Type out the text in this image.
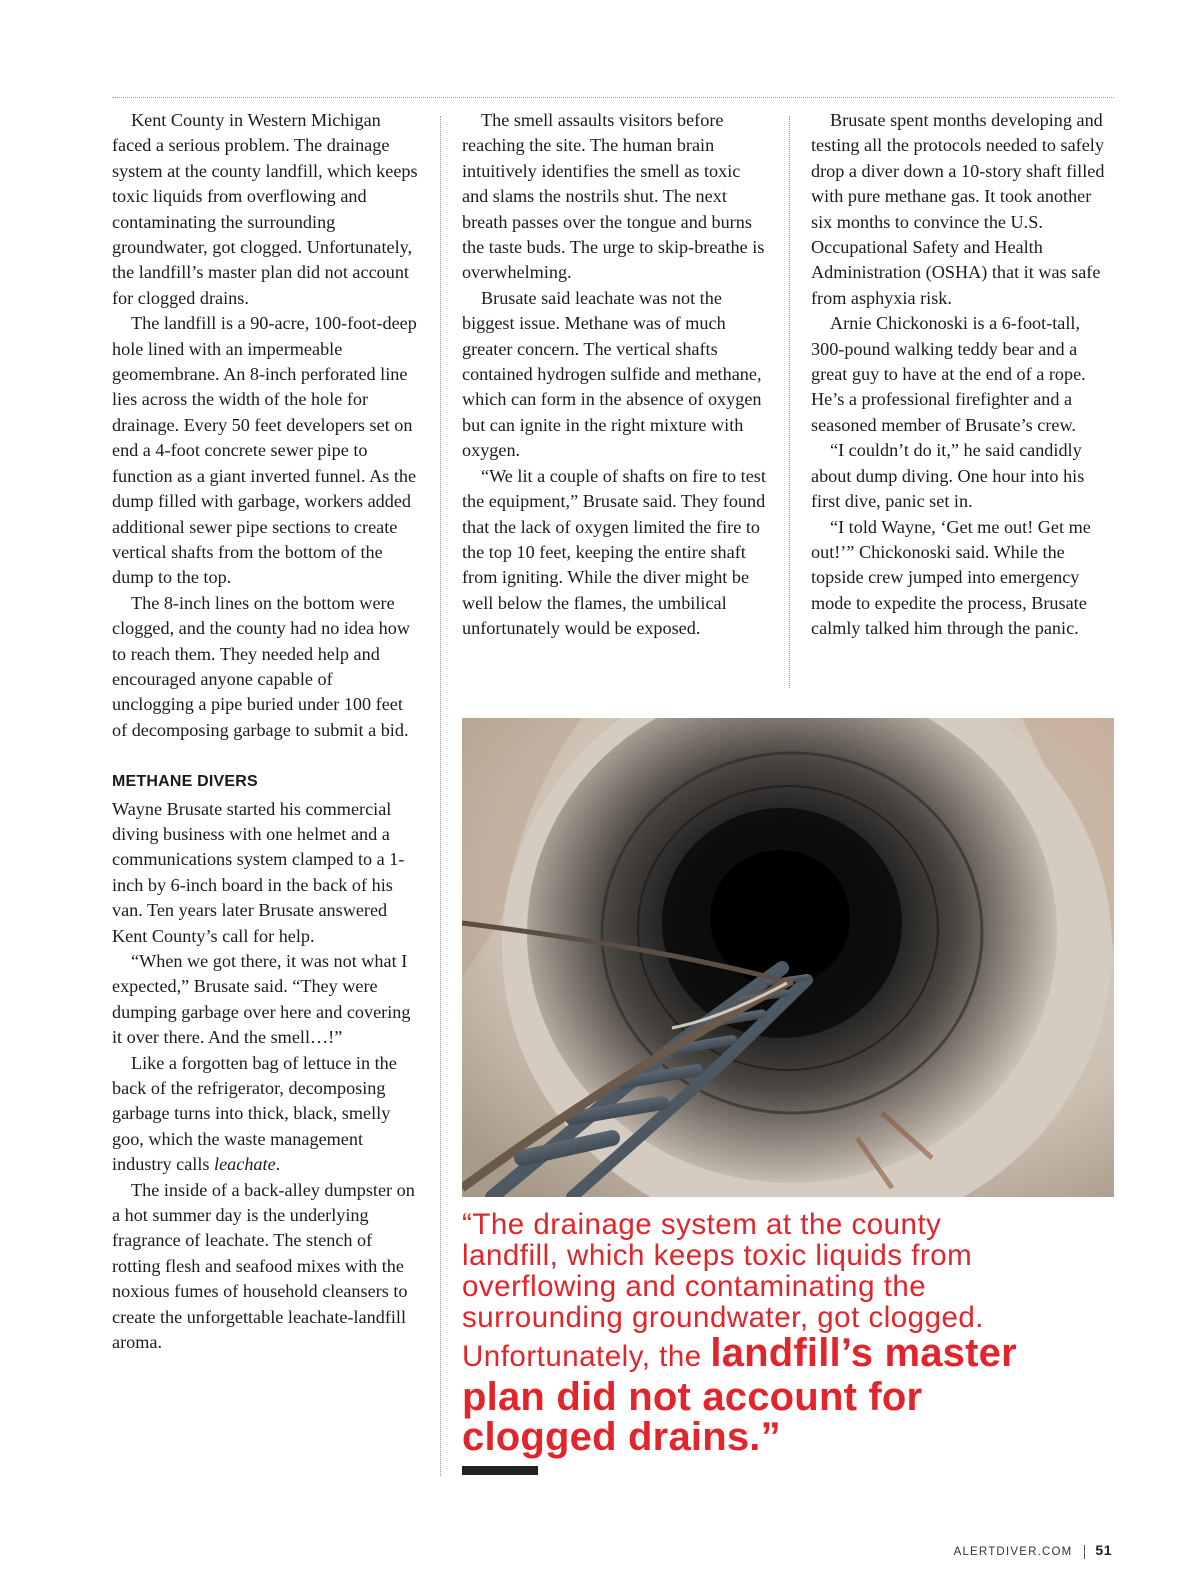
Kent County in Western Michigan faced a serious problem. The drainage system at the county landfill, which keeps toxic liquids from overflowing and contaminating the surrounding groundwater, got clogged. Unfortunately, the landfill’s master plan did not account for clogged drains.

The landfill is a 90-acre, 100-foot-deep hole lined with an impermeable geomembrane. An 8-inch perforated line lies across the width of the hole for drainage. Every 50 feet developers set on end a 4-foot concrete sewer pipe to function as a giant inverted funnel. As the dump filled with garbage, workers added additional sewer pipe sections to create vertical shafts from the bottom of the dump to the top.

The 8-inch lines on the bottom were clogged, and the county had no idea how to reach them. They needed help and encouraged anyone capable of unclogging a pipe buried under 100 feet of decomposing garbage to submit a bid.

METHANE DIVERS

Wayne Brusate started his commercial diving business with one helmet and a communications system clamped to a 1-inch by 6-inch board in the back of his van. Ten years later Brusate answered Kent County’s call for help.

“When we got there, it was not what I expected,” Brusate said. “They were dumping garbage over here and covering it over there. And the smell…!”

Like a forgotten bag of lettuce in the back of the refrigerator, decomposing garbage turns into thick, black, smelly goo, which the waste management industry calls leachate.

The inside of a back-alley dumpster on a hot summer day is the underlying fragrance of leachate. The stench of rotting flesh and seafood mixes with the noxious fumes of household cleansers to create the unforgettable leachate-landfill aroma.

The smell assaults visitors before reaching the site. The human brain intuitively identifies the smell as toxic and slams the nostrils shut. The next breath passes over the tongue and burns the taste buds. The urge to skip-breathe is overwhelming.

Brusate said leachate was not the biggest issue. Methane was of much greater concern. The vertical shafts contained hydrogen sulfide and methane, which can form in the absence of oxygen but can ignite in the right mixture with oxygen.

“We lit a couple of shafts on fire to test the equipment,” Brusate said. They found that the lack of oxygen limited the fire to the top 10 feet, keeping the entire shaft from igniting. While the diver might be well below the flames, the umbilical unfortunately would be exposed.

Brusate spent months developing and testing all the protocols needed to safely drop a diver down a 10-story shaft filled with pure methane gas. It took another six months to convince the U.S. Occupational Safety and Health Administration (OSHA) that it was safe from asphyxia risk.

Arnie Chickonoski is a 6-foot-tall, 300-pound walking teddy bear and a great guy to have at the end of a rope. He’s a professional firefighter and a seasoned member of Brusate’s crew.

“I couldn’t do it,” he said candidly about dump diving. One hour into his first dive, panic set in.

“I told Wayne, ‘Get me out! Get me out!’” Chickonoski said. While the topside crew jumped into emergency mode to expedite the process, Brusate calmly talked him through the panic.

“The drainage system at the county
landfill, which keeps toxic liquids from
overflowing and contaminating the
surrounding groundwater, got clogged.
Unfortunately, the landfill’s master
plan did not account for
clogged drains.”
ALERTDIVER.COM 51
